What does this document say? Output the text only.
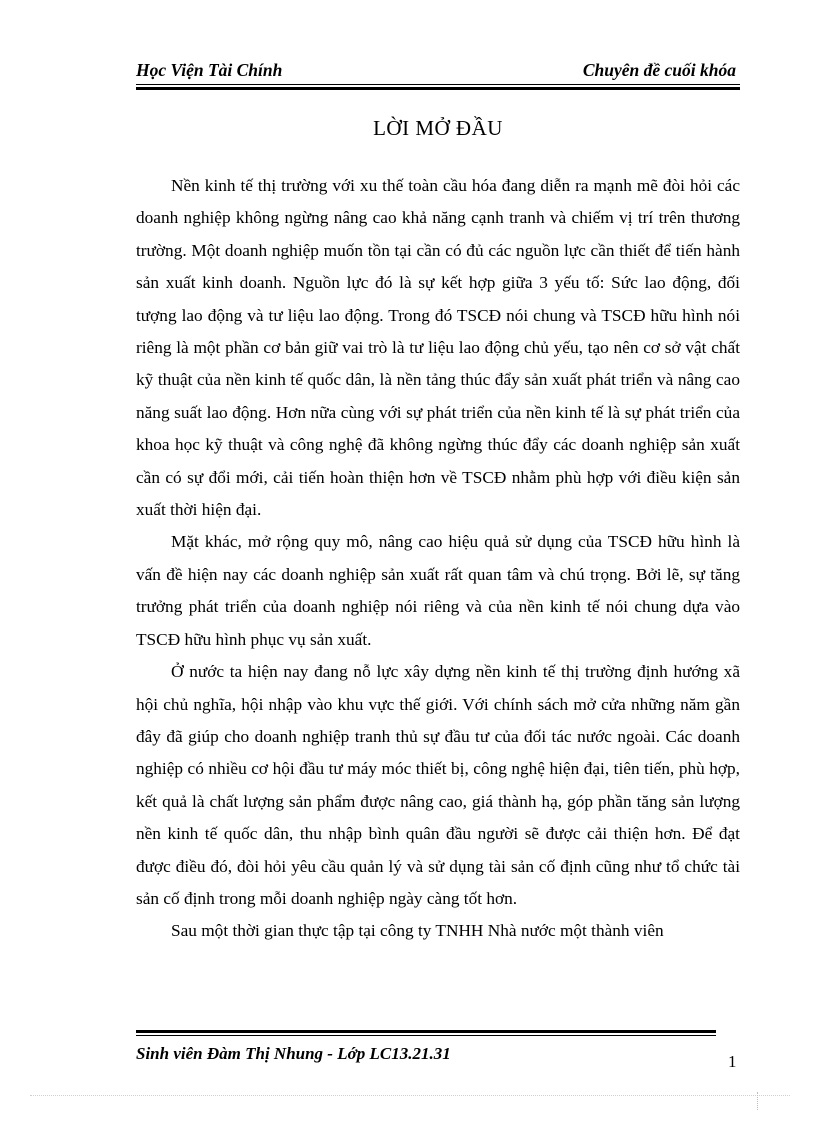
Học Viện Tài Chính	Chuyên đề cuối khóa
LỜI MỞ ĐẦU

Nền kinh tế thị trường với xu thế toàn cầu hóa đang diễn ra mạnh mẽ đòi hỏi các doanh nghiệp không ngừng nâng cao khả năng cạnh tranh và chiếm vị trí trên thương trường. Một doanh nghiệp muốn tồn tại cần có đủ các nguồn lực cần thiết để tiến hành sản xuất kinh doanh. Nguồn lực đó là sự kết hợp giữa 3 yếu tố: Sức lao động, đối tượng lao động và tư liệu lao động. Trong đó TSCĐ nói chung và TSCĐ hữu hình nói riêng là một phần cơ bản giữ vai trò là tư liệu lao động chủ yếu, tạo nên cơ sở vật chất kỹ thuật của nền kinh tế quốc dân, là nền tảng thúc đẩy sản xuất phát triển và nâng cao năng suất lao động. Hơn nữa cùng với sự phát triển của nền kinh tế là sự phát triển của khoa học kỹ thuật và công nghệ đã không ngừng thúc đẩy các doanh nghiệp sản xuất cần có sự đổi mới, cải tiến hoàn thiện hơn về TSCĐ nhằm phù hợp với điều kiện sản xuất thời hiện đại.

Mặt khác, mở rộng quy mô, nâng cao hiệu quả sử dụng của TSCĐ hữu hình là vấn đề hiện nay các doanh nghiệp sản xuất rất quan tâm và chú trọng. Bởi lẽ, sự tăng trưởng phát triển của doanh nghiệp nói riêng và của nền kinh tế nói chung dựa vào TSCĐ hữu hình phục vụ sản xuất.

Ở nước ta hiện nay đang nỗ lực xây dựng nền kinh tế thị trường định hướng xã hội chủ nghĩa, hội nhập vào khu vực thế giới. Với chính sách mở cửa những năm gần đây đã giúp cho doanh nghiệp tranh thủ sự đầu tư của đối tác nước ngoài. Các doanh nghiệp có nhiều cơ hội đầu tư máy móc thiết bị, công nghệ hiện đại, tiên tiến, phù hợp, kết quả là chất lượng sản phẩm được nâng cao, giá thành hạ, góp phần tăng sản lượng nền kinh tế quốc dân, thu nhập bình quân đầu người sẽ được cải thiện hơn. Để đạt được điều đó, đòi hỏi yêu cầu quản lý và sử dụng tài sản cố định cũng như tổ chức tài sản cố định trong mỗi doanh nghiệp ngày càng tốt hơn.

Sau một thời gian thực tập tại công ty TNHH Nhà nước một thành viên

Sinh viên Đàm Thị Nhung - Lớp LC13.21.31	1
